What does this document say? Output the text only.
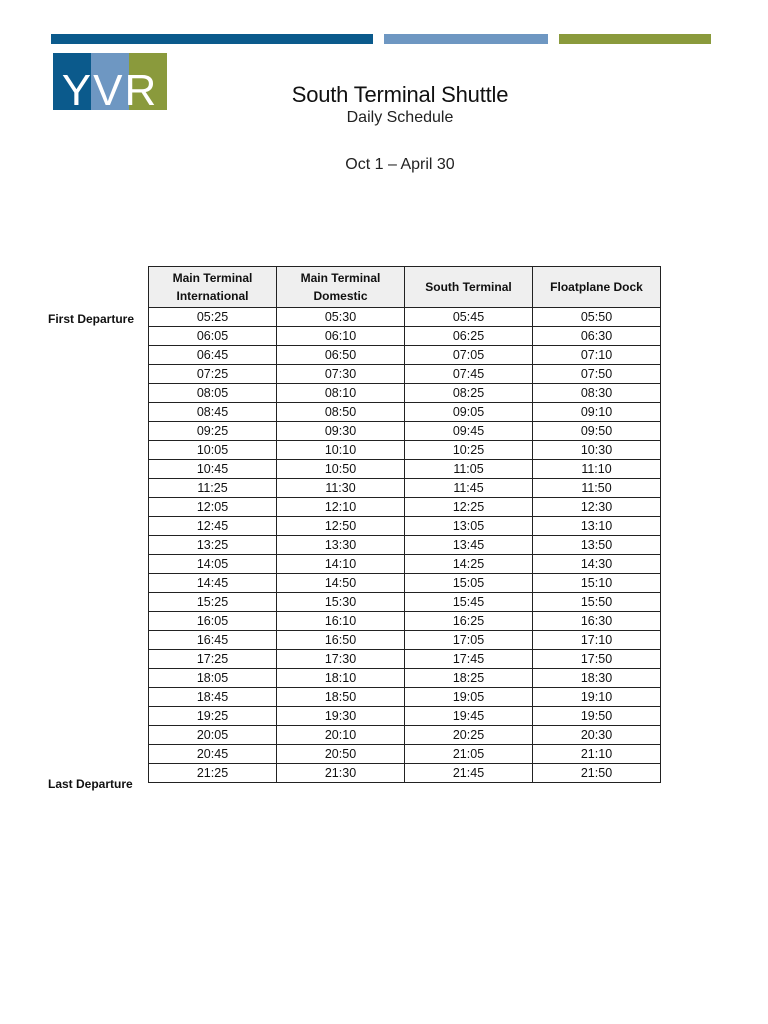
YVR	South Terminal Shuttle
Daily Schedule
Oct 1 – April 30
First Departure
Last Departure
Main Terminal International	Main Terminal Domestic	South Terminal	Floatplane Dock
05:25	05:30	05:45	05:50
06:05	06:10	06:25	06:30
06:45	06:50	07:05	07:10
07:25	07:30	07:45	07:50
08:05	08:10	08:25	08:30
08:45	08:50	09:05	09:10
09:25	09:30	09:45	09:50
10:05	10:10	10:25	10:30
10:45	10:50	11:05	11:10
11:25	11:30	11:45	11:50
12:05	12:10	12:25	12:30
12:45	12:50	13:05	13:10
13:25	13:30	13:45	13:50
14:05	14:10	14:25	14:30
14:45	14:50	15:05	15:10
15:25	15:30	15:45	15:50
16:05	16:10	16:25	16:30
16:45	16:50	17:05	17:10
17:25	17:30	17:45	17:50
18:05	18:10	18:25	18:30
18:45	18:50	19:05	19:10
19:25	19:30	19:45	19:50
20:05	20:10	20:25	20:30
20:45	20:50	21:05	21:10
21:25	21:30	21:45	21:50
